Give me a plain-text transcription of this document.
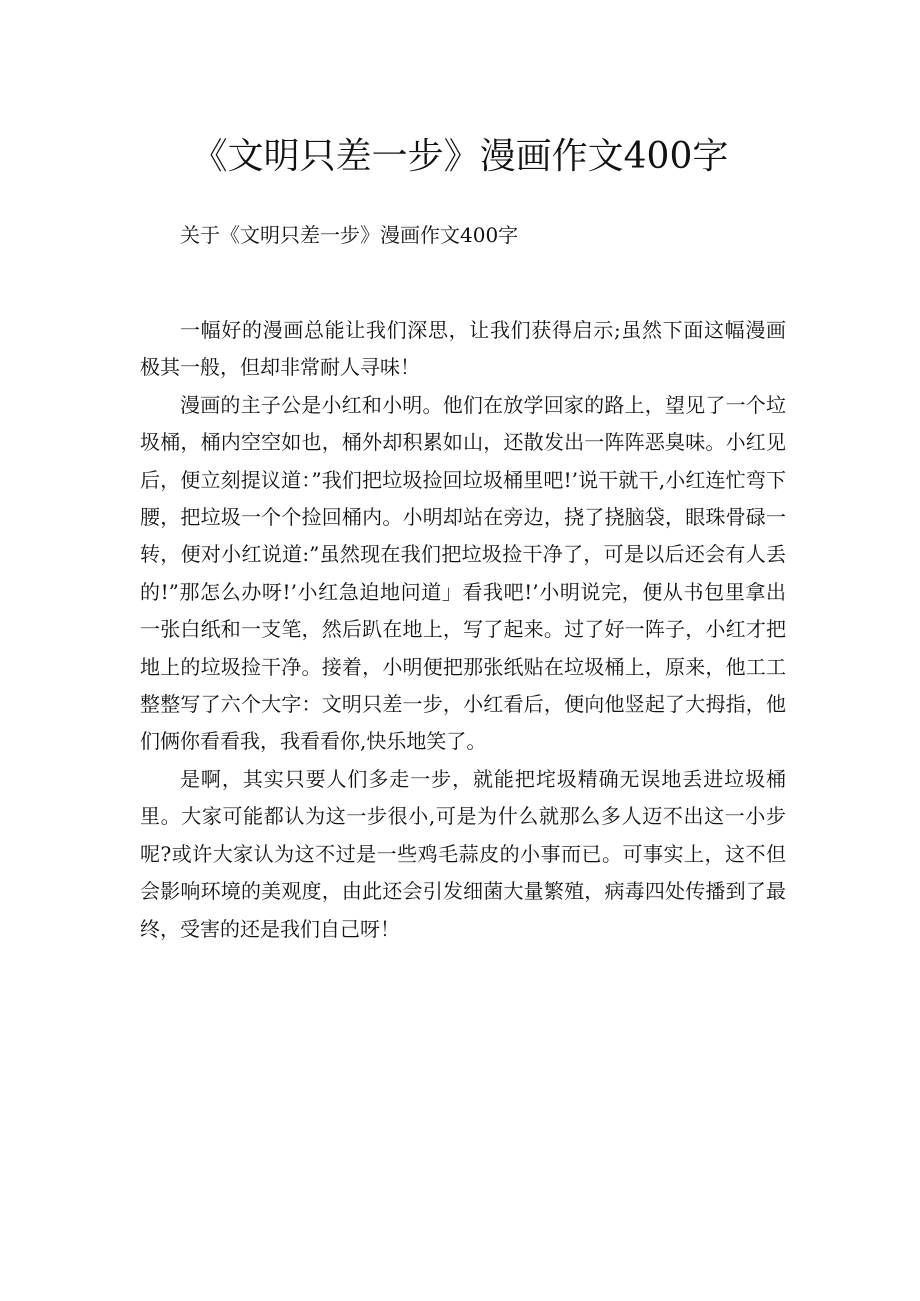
《文明只差一步》漫画作文400字

关于《文明只差一步》漫画作文400字

一幅好的漫画总能让我们深思，让我们获得启示;虽然下面这幅漫画极其一般，但却非常耐人寻味！

漫画的主子公是小红和小明。他们在放学回家的路上，望见了一个垃圾桶，桶内空空如也，桶外却积累如山，还散发出一阵阵恶臭味。小红见后，便立刻提议道：”我们把垃圾捡回垃圾桶里吧!’说干就干,小红连忙弯下腰，把垃圾一个个捡回桶内。小明却站在旁边，挠了挠脑袋，眼珠骨碌一转，便对小红说道:”虽然现在我们把垃圾捡干净了，可是以后还会有人丢的!”那怎么办呀!’小红急迫地问道」看我吧!’小明说完，便从书包里拿出一张白纸和一支笔，然后趴在地上，写了起来。过了好一阵子，小红才把地上的垃圾捡干净。接着，小明便把那张纸贴在垃圾桶上，原来，他工工整整写了六个大字：文明只差一步，小红看后，便向他竖起了大拇指，他们俩你看看我，我看看你,快乐地笑了。

是啊，其实只要人们多走一步，就能把垞圾精确无误地丢进垃圾桶里。大家可能都认为这一步很小,可是为什么就那么多人迈不出这一小步呢?或许大家认为这不过是一些鸡毛蒜皮的小事而已。可事实上，这不但会影响环境的美观度，由此还会引发细菌大量繁殖，病毒四处传播到了最终，受害的还是我们自己呀！
